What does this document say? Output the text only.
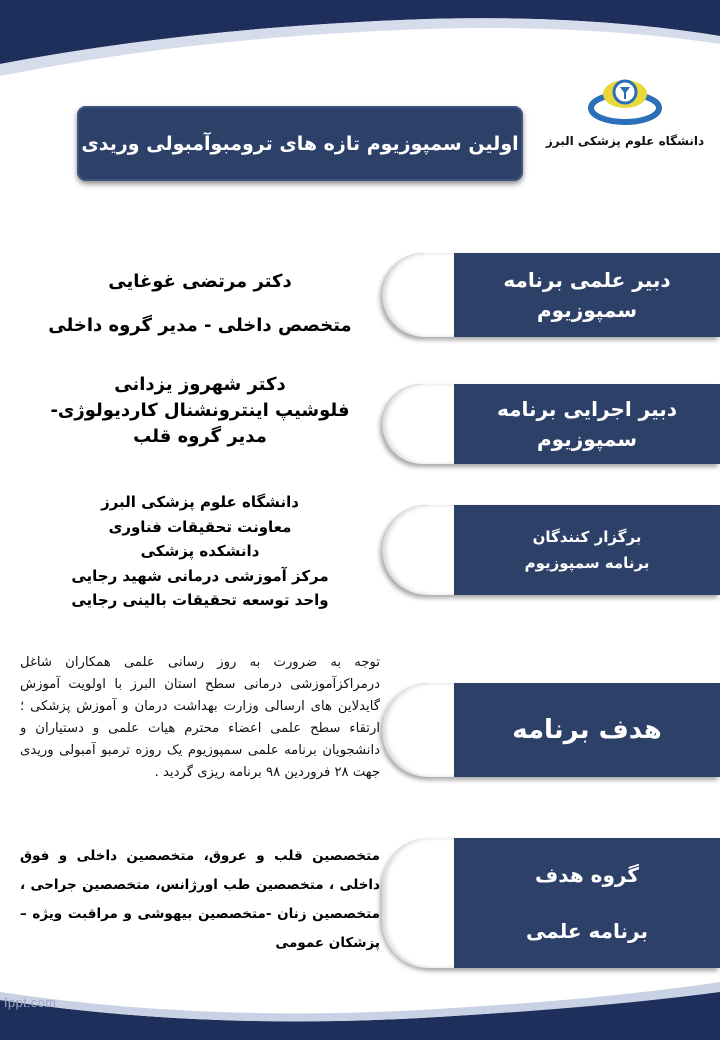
fppt.com
دانشگاه علوم پزشکی البرز
اولین سمپوزیوم تازه های ترومبوآمبولی وریدی
دبیر علمی برنامه
سمپوزیوم
دکتر مرتضی غوغایی
متخصص داخلی - مدیر گروه داخلی
دبیر اجرایی برنامه
سمپوزیوم
دکتر شهروز یزدانی
فلوشیپ اینترونشنال کاردیولوژی-
مدیر گروه قلب
برگزار کنندگان
برنامه سمپوزیوم
دانشگاه علوم پزشکی البرز
معاونت تحقیقات فناوری
دانشکده پزشکی
مرکز آموزشی درمانی شهید رجایی
واحد توسعه تحقیقات بالینی رجایی
هدف برنامه
توجه به ضرورت به روز رسانی علمی همکاران شاغل درمراکزآموزشی درمانی سطح استان البرز با اولویت آموزش گایدلاین های ارسالی وزارت بهداشت درمان و آموزش پزشکی ؛ ارتقاء سطح علمی اعضاء محترم هیات علمی و دستیاران و دانشجویان برنامه علمی سمپوزیوم یک روزه ترمبو آمبولی وریدی جهت ۲۸ فروردین ۹۸ برنامه ریزی گردید .
گروه هدف
برنامه علمی
متخصصین قلب و عروق، متخصصین داخلی و فوق داخلی ، متخصصین طب اورژانس، متخصصین جراحی ، متخصصین زنان -متخصصین بیهوشی و مراقبت ویژه – پزشکان عمومی
